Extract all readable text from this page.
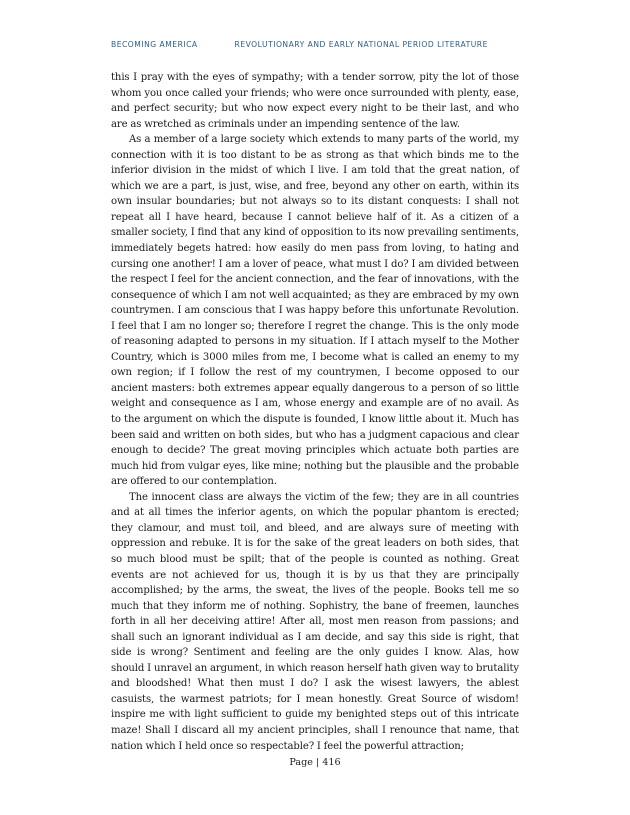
BECOMING AMERICA	REVOLUTIONARY AND EARLY NATIONAL PERIOD LITERATURE

this I pray with the eyes of sympathy; with a tender sorrow, pity the lot of those whom you once called your friends; who were once surrounded with plenty, ease, and perfect security; but who now expect every night to be their last, and who are as wretched as criminals under an impending sentence of the law.

As a member of a large society which extends to many parts of the world, my connection with it is too distant to be as strong as that which binds me to the inferior division in the midst of which I live. I am told that the great nation, of which we are a part, is just, wise, and free, beyond any other on earth, within its own insular boundaries; but not always so to its distant conquests: I shall not repeat all I have heard, because I cannot believe half of it. As a citizen of a smaller society, I find that any kind of opposition to its now prevailing sentiments, immediately begets hatred: how easily do men pass from loving, to hating and cursing one another! I am a lover of peace, what must I do? I am divided between the respect I feel for the ancient connection, and the fear of innovations, with the consequence of which I am not well acquainted; as they are embraced by my own countrymen. I am conscious that I was happy before this unfortunate Revolution. I feel that I am no longer so; therefore I regret the change. This is the only mode of reasoning adapted to persons in my situation. If I attach myself to the Mother Country, which is 3000 miles from me, I become what is called an enemy to my own region; if I follow the rest of my countrymen, I become opposed to our ancient masters: both extremes appear equally dangerous to a person of so little weight and consequence as I am, whose energy and example are of no avail. As to the argument on which the dispute is founded, I know little about it. Much has been said and written on both sides, but who has a judgment capacious and clear enough to decide? The great moving principles which actuate both parties are much hid from vulgar eyes, like mine; nothing but the plausible and the probable are offered to our contemplation.

The innocent class are always the victim of the few; they are in all countries and at all times the inferior agents, on which the popular phantom is erected; they clamour, and must toil, and bleed, and are always sure of meeting with oppression and rebuke. It is for the sake of the great leaders on both sides, that so much blood must be spilt; that of the people is counted as nothing. Great events are not achieved for us, though it is by us that they are principally accomplished; by the arms, the sweat, the lives of the people. Books tell me so much that they inform me of nothing. Sophistry, the bane of freemen, launches forth in all her deceiving attire! After all, most men reason from passions; and shall such an ignorant individual as I am decide, and say this side is right, that side is wrong? Sentiment and feeling are the only guides I know. Alas, how should I unravel an argument, in which reason herself hath given way to brutality and bloodshed! What then must I do? I ask the wisest lawyers, the ablest casuists, the warmest patriots; for I mean honestly. Great Source of wisdom! inspire me with light sufficient to guide my benighted steps out of this intricate maze! Shall I discard all my ancient principles, shall I renounce that name, that nation which I held once so respectable? I feel the powerful attraction;

Page | 416
